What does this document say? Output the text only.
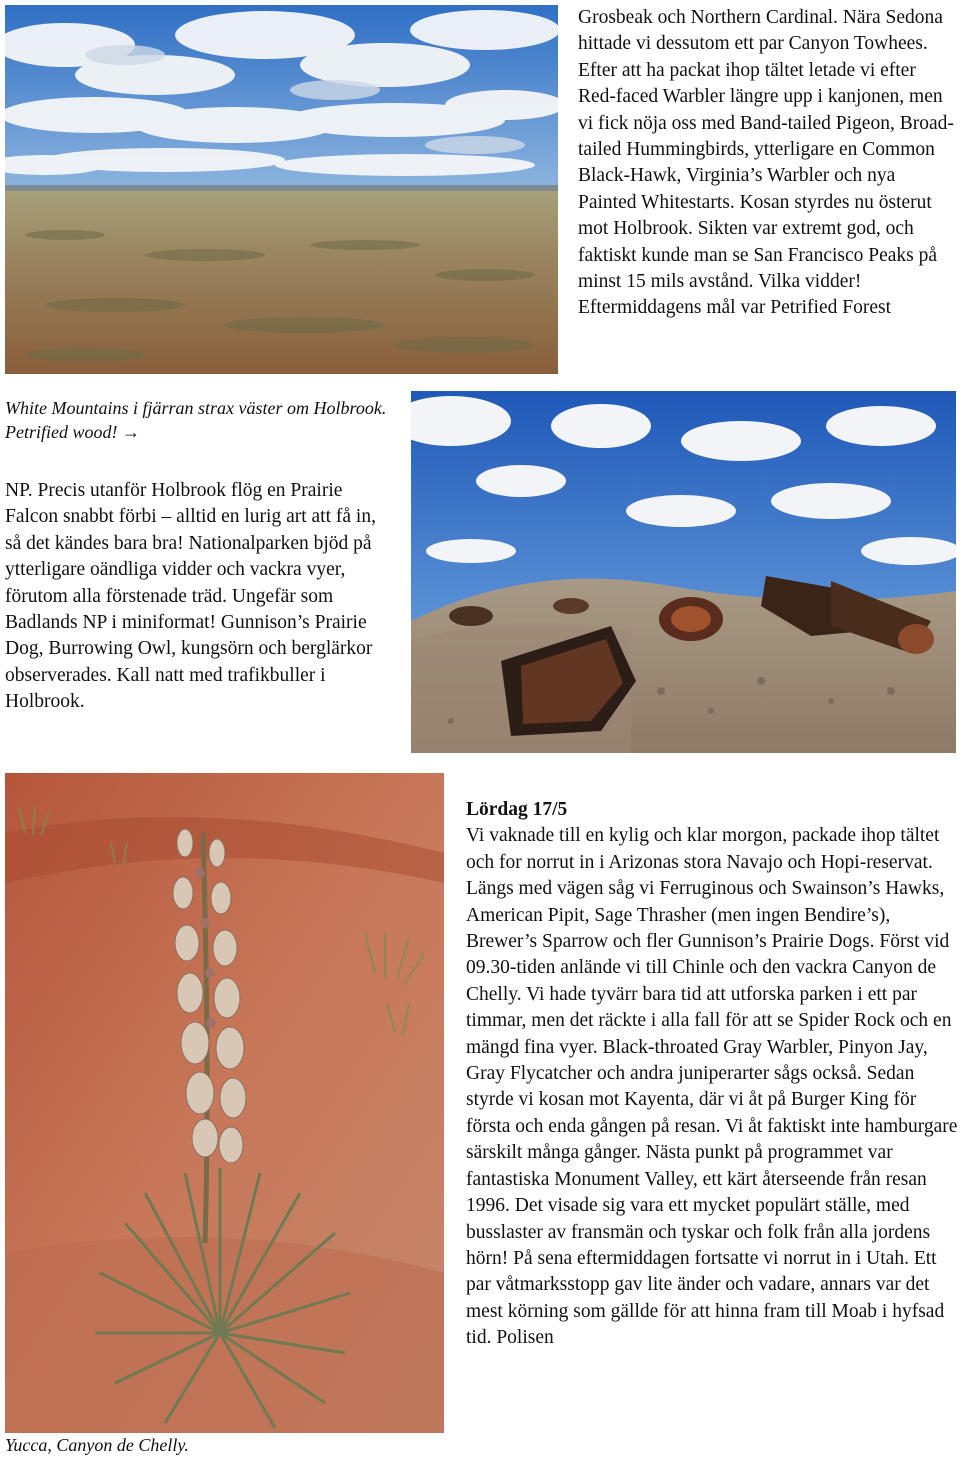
Grosbeak och Northern Cardinal. Nära Sedona hittade vi dessutom ett par Canyon Towhees. Efter att ha packat ihop tältet letade vi efter Red-faced Warbler längre upp i kanjonen, men vi fick nöja oss med Band-tailed Pigeon, Broad-tailed Hummingbirds, ytterligare en Common Black-Hawk, Virginia’s Warbler och nya Painted Whitestarts. Kosan styrdes nu österut mot Holbrook. Sikten var extremt god, och faktiskt kunde man se San Francisco Peaks på minst 15 mils avstånd. Vilka vidder! Eftermiddagens mål var Petrified Forest

White Mountains i fjärran strax väster om Holbrook. Petrified wood! →

NP. Precis utanför Holbrook flög en Prairie Falcon snabbt förbi – alltid en lurig art att få in, så det kändes bara bra! Nationalparken bjöd på ytterligare oändliga vidder och vackra vyer, förutom alla förstenade träd. Ungefär som Badlands NP i miniformat! Gunnison’s Prairie Dog, Burrowing Owl, kungsörn och berglärkor observerades. Kall natt med trafikbuller i Holbrook.

Yucca, Canyon de Chelly.

Lördag 17/5

Vi vaknade till en kylig och klar morgon, packade ihop tältet och for norrut in i Arizonas stora Navajo och Hopi-reservat. Längs med vägen såg vi Ferruginous och Swainson’s Hawks, American Pipit, Sage Thrasher (men ingen Bendire’s), Brewer’s Sparrow och fler Gunnison’s Prairie Dogs. Först vid 09.30-tiden anlände vi till Chinle och den vackra Canyon de Chelly. Vi hade tyvärr bara tid att utforska parken i ett par timmar, men det räckte i alla fall för att se Spider Rock och en mängd fina vyer. Black-throated Gray Warbler, Pinyon Jay, Gray Flycatcher och andra juniperarter sågs också. Sedan styrde vi kosan mot Kayenta, där vi åt på Burger King för första och enda gången på resan. Vi åt faktiskt inte hamburgare särskilt många gånger. Nästa punkt på programmet var fantastiska Monument Valley, ett kärt återseende från resan 1996. Det visade sig vara ett mycket populärt ställe, med busslaster av fransmän och tyskar och folk från alla jordens hörn! På sena eftermiddagen fortsatte vi norrut in i Utah. Ett par våtmarksstopp gav lite änder och vadare, annars var det mest körning som gällde för att hinna fram till Moab i hyfsad tid. Polisen
